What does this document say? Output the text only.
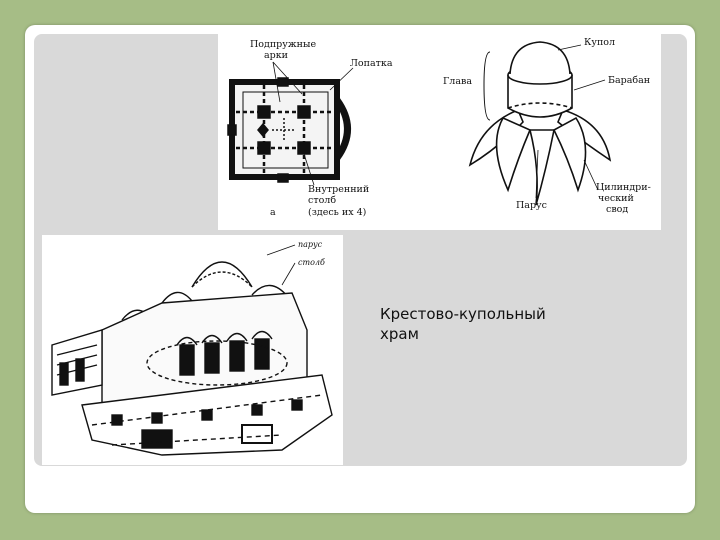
Подпружные
арки
Лопатка
Внутренний
столб
(здесь их 4)
а
Купол
Глава	Барабан
Парус
Цилиндри-
ческий
свод
парус
столб
Крестово-купольный
храм
